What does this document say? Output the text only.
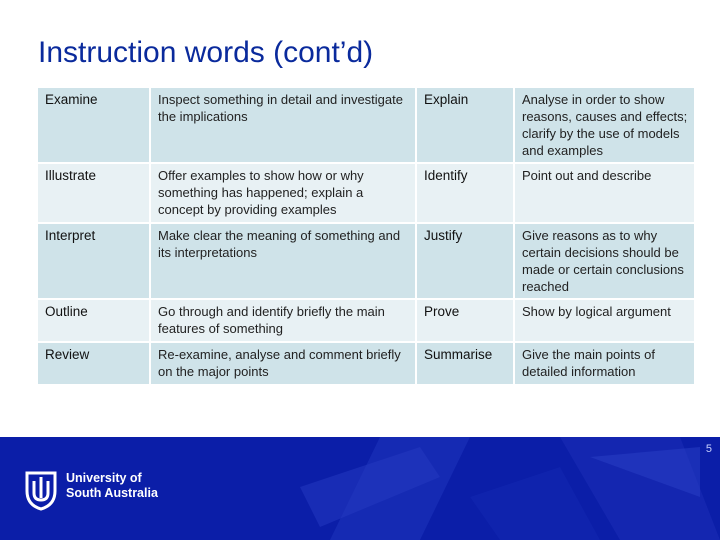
Instruction words (cont’d)
Examine	Inspect something in detail and investigate the implications	Explain	Analyse in order to show reasons, causes and effects; clarify by the use of models and examples
Illustrate	Offer examples to show how or why something has happened; explain a concept by providing examples	Identify	Point out and describe
Interpret	Make clear the meaning of something and its interpretations	Justify	Give reasons as to why certain decisions should be made or certain conclusions reached
Outline	Go through and identify briefly the main features of something	Prove	Show by logical argument
Review	Re-examine, analyse and comment briefly on the major points	Summarise	Give the main points of detailed information
5
University of
South Australia
